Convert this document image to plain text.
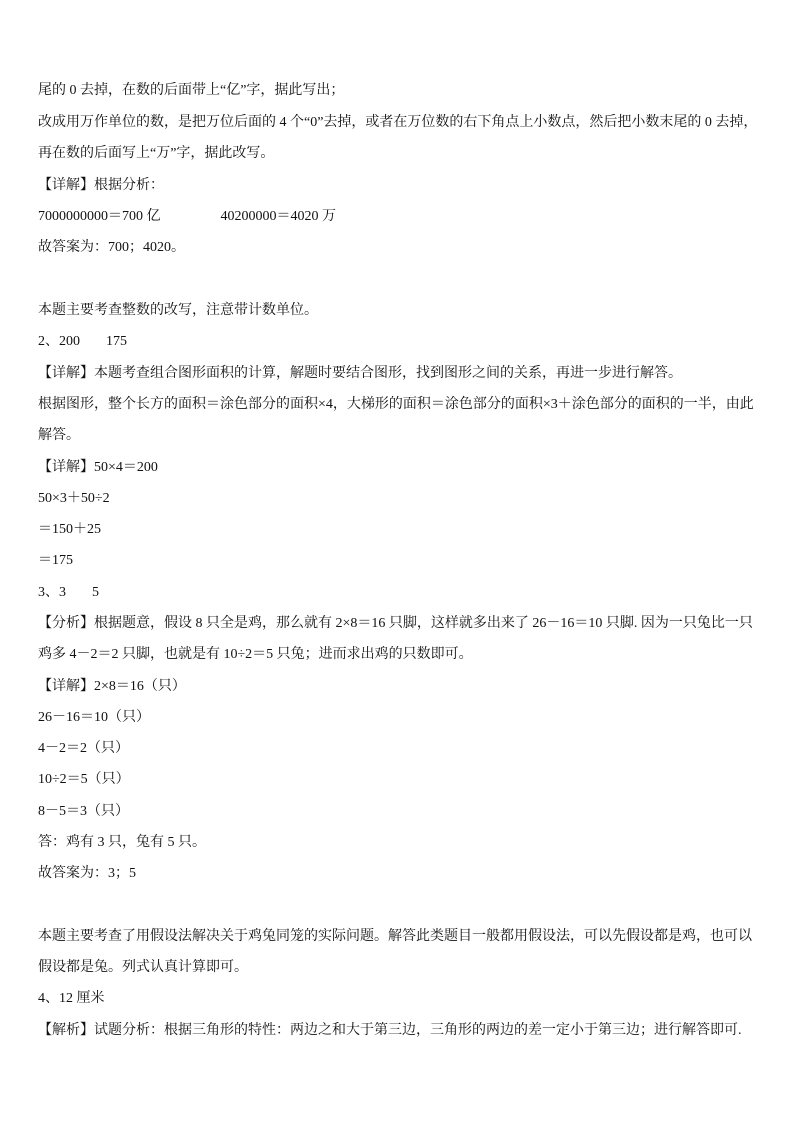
尾的 0 去掉，在数的后面带上“亿”字，据此写出；
改成用万作单位的数，是把万位后面的 4 个“0”去掉，或者在万位数的右下角点上小数点，然后把小数末尾的 0 去掉，
再在数的后面写上“万”字，据此改写。
【详解】根据分析：
7000000000＝700 亿	40200000＝4020 万
故答案为：700；4020。
本题主要考查整数的改写，注意带计数单位。
2、200 175
【详解】本题考查组合图形面积的计算，解题时要结合图形，找到图形之间的关系，再进一步进行解答。
根据图形，整个长方的面积＝涂色部分的面积×4，大梯形的面积＝涂色部分的面积×3＋涂色部分的面积的一半，由此
解答。
【详解】50×4＝200
50×3＋50÷2
＝150＋25
＝175
3、3 5
【分析】根据题意，假设 8 只全是鸡，那么就有 2×8＝16 只脚，这样就多出来了 26－16＝10 只脚. 因为一只兔比一只
鸡多 4－2＝2 只脚，也就是有 10÷2＝5 只兔；进而求出鸡的只数即可。
【详解】2×8＝16（只）
26－16＝10（只）
4－2＝2（只）
10÷2＝5（只）
8－5＝3（只）
答：鸡有 3 只，兔有 5 只。
故答案为：3；5
本题主要考查了用假设法解决关于鸡兔同笼的实际问题。解答此类题目一般都用假设法，可以先假设都是鸡，也可以
假设都是兔。列式认真计算即可。
4、12 厘米
【解析】试题分析：根据三角形的特性：两边之和大于第三边，三角形的两边的差一定小于第三边；进行解答即可.
